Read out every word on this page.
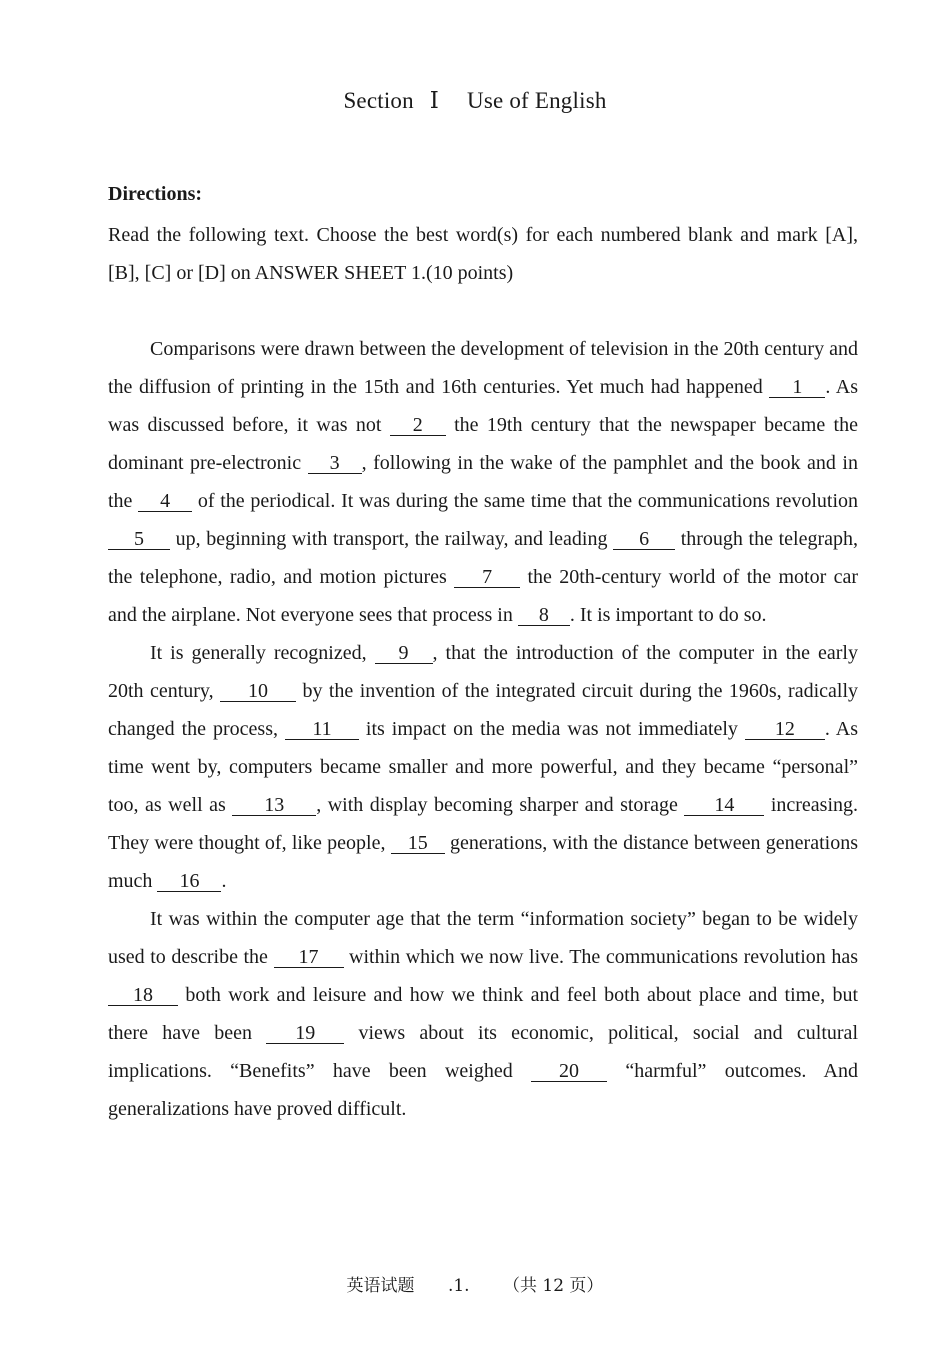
Section Ⅰ Use of English
Directions:
Read the following text. Choose the best word(s) for each numbered blank and mark [A], [B], [C] or [D] on ANSWER SHEET 1.(10 points)

Comparisons were drawn between the development of television in the 20th century and the diffusion of printing in the 15th and 16th centuries. Yet much had happened 1 . As was discussed before, it was not 2 the 19th century that the newspaper became the dominant pre-electronic 3 , following in the wake of the pamphlet and the book and in the 4 of the periodical. It was during the same time that the communications revolution 5 up, beginning with transport, the railway, and leading 6 through the telegraph, the telephone, radio, and motion pictures 7 the 20th-century world of the motor car and the airplane. Not everyone sees that process in 8 . It is important to do so.

It is generally recognized, 9 , that the introduction of the computer in the early 20th century, 10 by the invention of the integrated circuit during the 1960s, radically changed the process, 11 its impact on the media was not immediately 12 . As time went by, computers became smaller and more powerful, and they became “personal” too, as well as 13 , with display becoming sharper and storage 14 increasing. They were thought of, like people, 15 generations, with the distance between generations much 16 .

It was within the computer age that the term “information society” began to be widely used to describe the 17 within which we now live. The communications revolution has 18 both work and leisure and how we think and feel both about place and time, but there have been 19 views about its economic, political, social and cultural implications. “Benefits” have been weighed 20 “harmful” outcomes. And generalizations have proved difficult.

英语试题 .1. （共 12 页）
